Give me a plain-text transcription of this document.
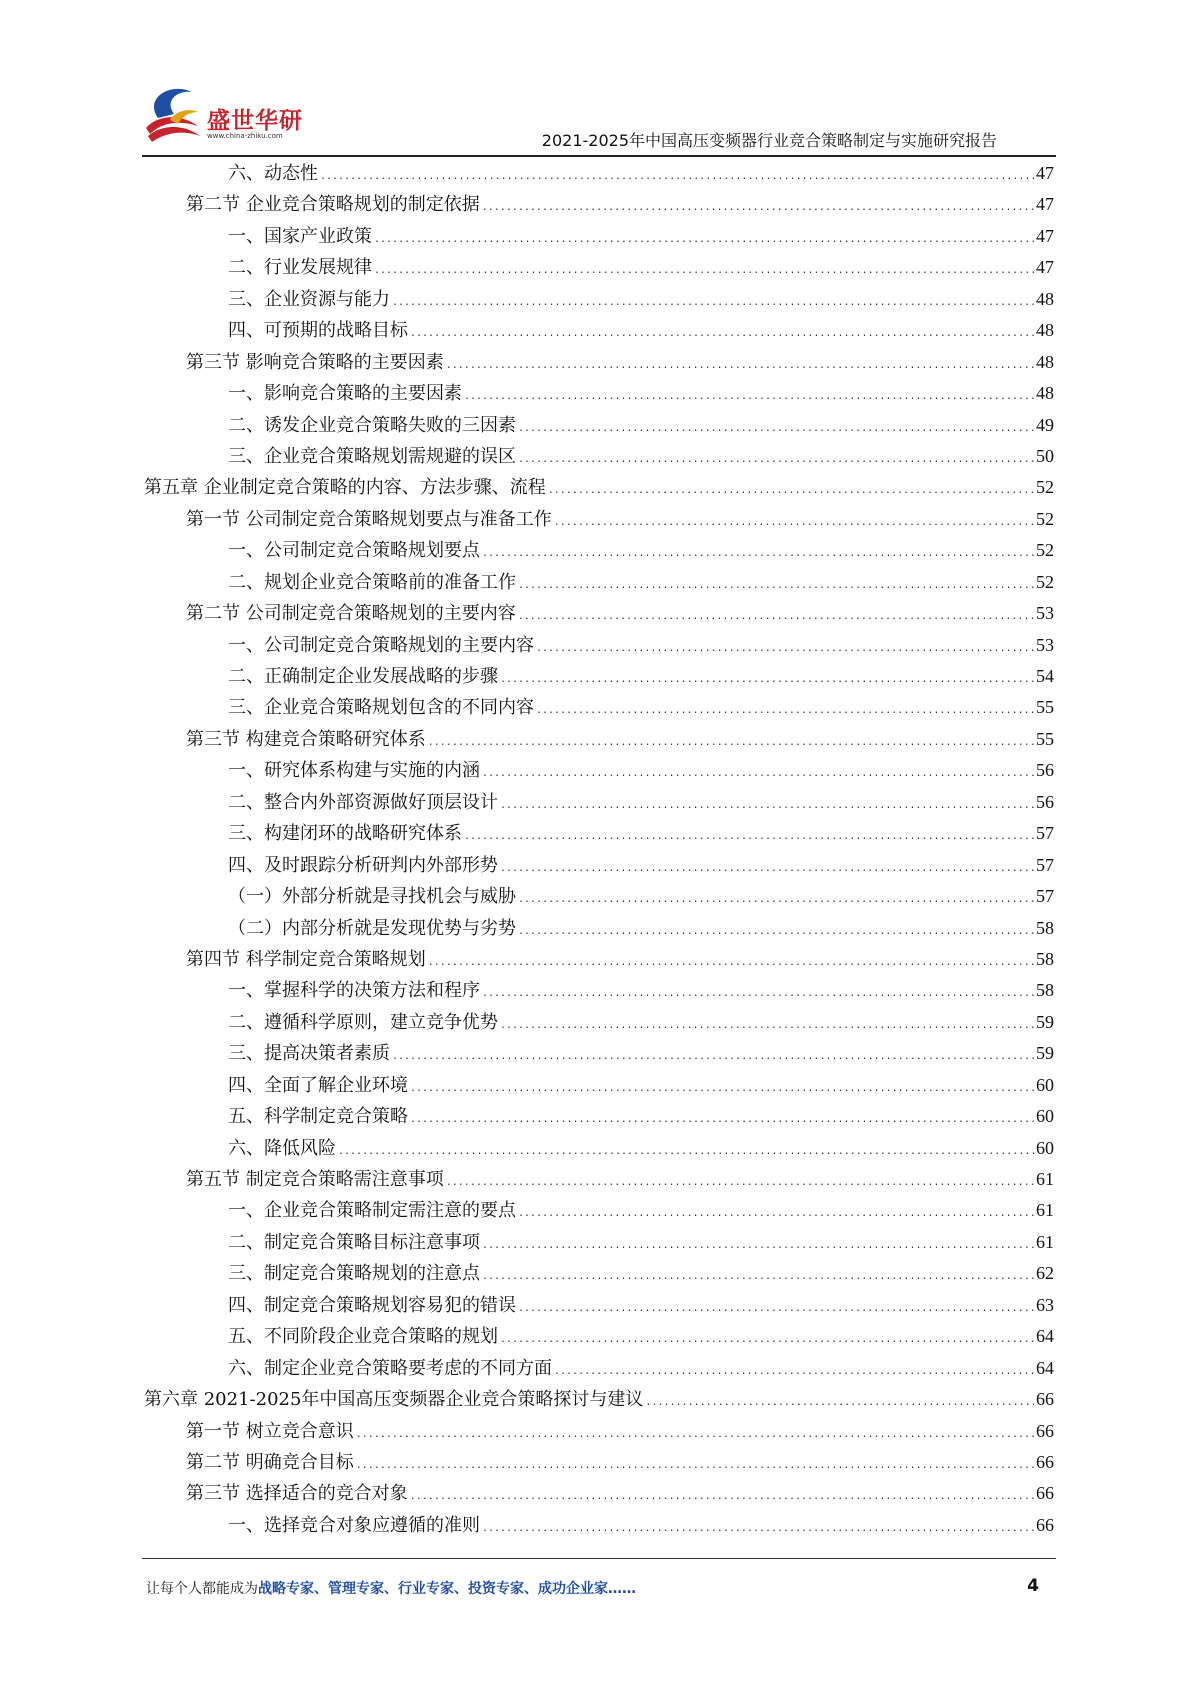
盛世华研
www.china-zhiku.com	2021-2025年中国高压变频器行业竞合策略制定与实施研究报告
六、动态性 .....	47
第二节 企业竞合策略规划的制定依据 .....	47
一、国家产业政策 .....	47
二、行业发展规律 .....	47
三、企业资源与能力 .....	48
四、可预期的战略目标 .....	48
第三节 影响竞合策略的主要因素 .....	48
一、影响竞合策略的主要因素 .....	48
二、诱发企业竞合策略失败的三因素 .....	49
三、企业竞合策略规划需规避的误区 .....	50
第五章 企业制定竞合策略的内容、方法步骤、流程 .....	52
第一节 公司制定竞合策略规划要点与准备工作 .....	52
一、公司制定竞合策略规划要点 .....	52
二、规划企业竞合策略前的准备工作 .....	52
第二节 公司制定竞合策略规划的主要内容 .....	53
一、公司制定竞合策略规划的主要内容 .....	53
二、正确制定企业发展战略的步骤 .....	54
三、企业竞合策略规划包含的不同内容 .....	55
第三节 构建竞合策略研究体系 .....	55
一、研究体系构建与实施的内涵 .....	56
二、整合内外部资源做好顶层设计 .....	56
三、构建闭环的战略研究体系 .....	57
四、及时跟踪分析研判内外部形势 .....	57
（一）外部分析就是寻找机会与威胁 .....	57
（二）内部分析就是发现优势与劣势 .....	58
第四节 科学制定竞合策略规划 .....	58
一、掌握科学的决策方法和程序 .....	58
二、遵循科学原则，建立竞争优势 .....	59
三、提高决策者素质 .....	59
四、全面了解企业环境 .....	60
五、科学制定竞合策略 .....	60
六、降低风险 .....	60
第五节 制定竞合策略需注意事项 .....	61
一、企业竞合策略制定需注意的要点 .....	61
二、制定竞合策略目标注意事项 .....	61
三、制定竞合策略规划的注意点 .....	62
四、制定竞合策略规划容易犯的错误 .....	63
五、不同阶段企业竞合策略的规划 .....	64
六、制定企业竞合策略要考虑的不同方面 .....	64
第六章 2021-2025年中国高压变频器企业竞合策略探讨与建议 .....	66
第一节 树立竞合意识 .....	66
第二节 明确竞合目标 .....	66
第三节 选择适合的竞合对象 .....	66
一、选择竞合对象应遵循的准则 .....	66
让每个人都能成为战略专家、管理专家、行业专家、投资专家、成功企业家……	4
